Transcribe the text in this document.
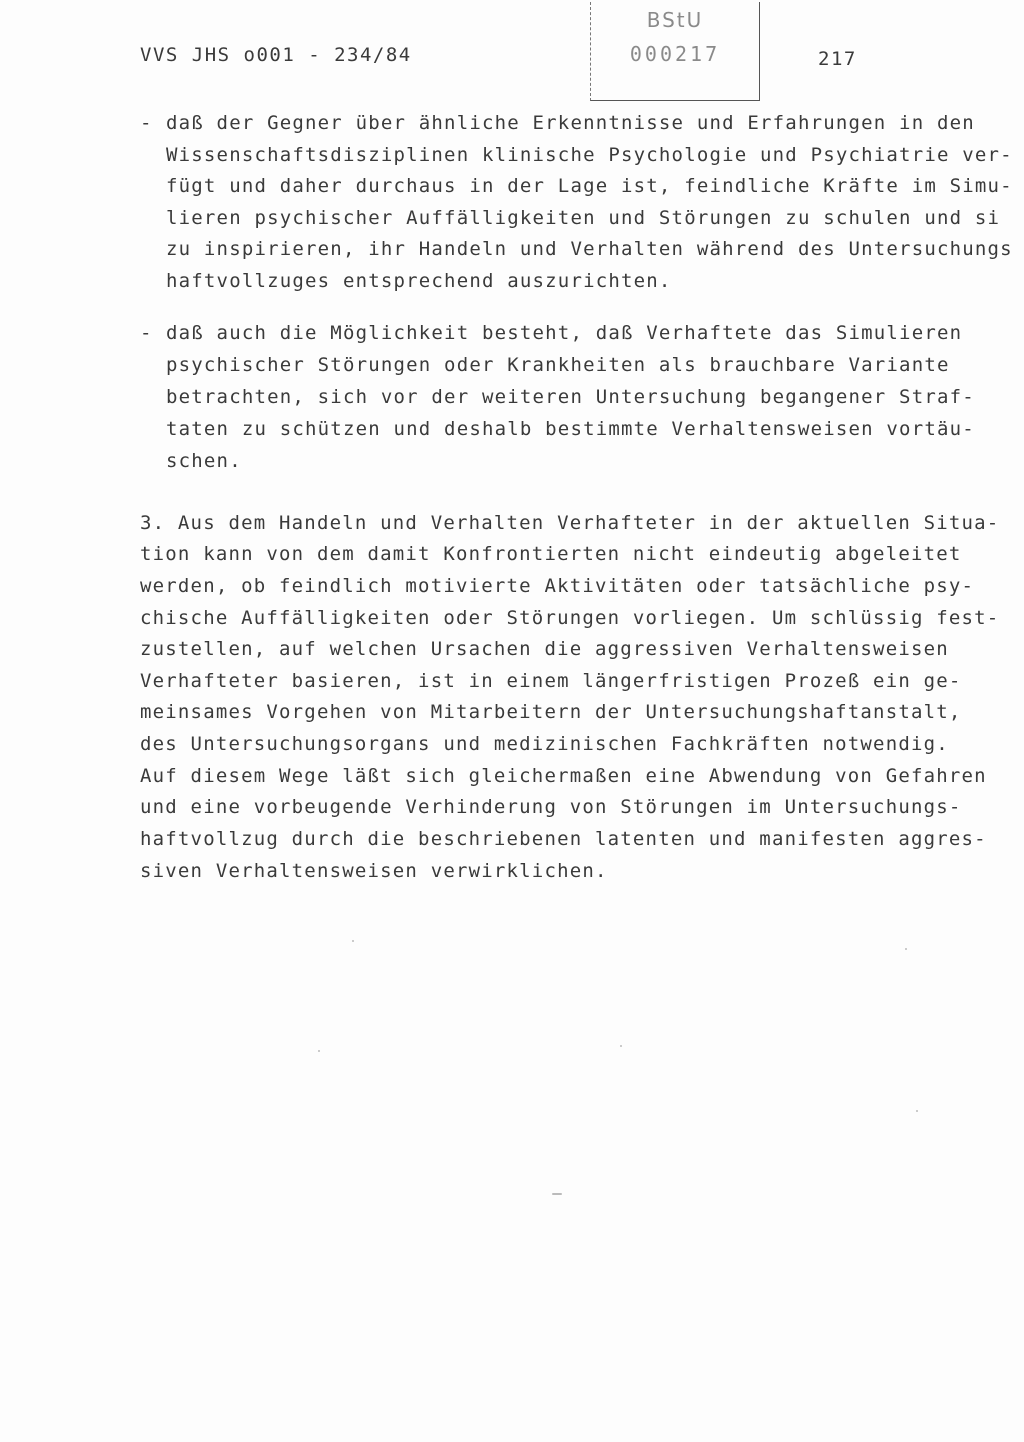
VVS JHS o001 - 234/84
BStU
000217	217
- daß der Gegner über ähnliche Erkenntnisse und Erfahrungen in den
Wissenschaftsdisziplinen klinische Psychologie und Psychiatrie ver-
fügt und daher durchaus in der Lage ist, feindliche Kräfte im Simu-
lieren psychischer Auffälligkeiten und Störungen zu schulen und si
zu inspirieren, ihr Handeln und Verhalten während des Untersuchungs
haftvollzuges entsprechend auszurichten.
- daß auch die Möglichkeit besteht, daß Verhaftete das Simulieren
psychischer Störungen oder Krankheiten als brauchbare Variante
betrachten, sich vor der weiteren Untersuchung begangener Straf-
taten zu schützen und deshalb bestimmte Verhaltensweisen vortäu-
schen.
3. Aus dem Handeln und Verhalten Verhafteter in der aktuellen Situa-
tion kann von dem damit Konfrontierten nicht eindeutig abgeleitet
werden, ob feindlich motivierte Aktivitäten oder tatsächliche psy-
chische Auffälligkeiten oder Störungen vorliegen. Um schlüssig fest-
zustellen, auf welchen Ursachen die aggressiven Verhaltensweisen
Verhafteter basieren, ist in einem längerfristigen Prozeß ein ge-
meinsames Vorgehen von Mitarbeitern der Untersuchungshaftanstalt,
des Untersuchungsorgans und medizinischen Fachkräften notwendig.
Auf diesem Wege läßt sich gleichermaßen eine Abwendung von Gefahren
und eine vorbeugende Verhinderung von Störungen im Untersuchungs-
haftvollzug durch die beschriebenen latenten und manifesten aggres-
siven Verhaltensweisen verwirklichen.
